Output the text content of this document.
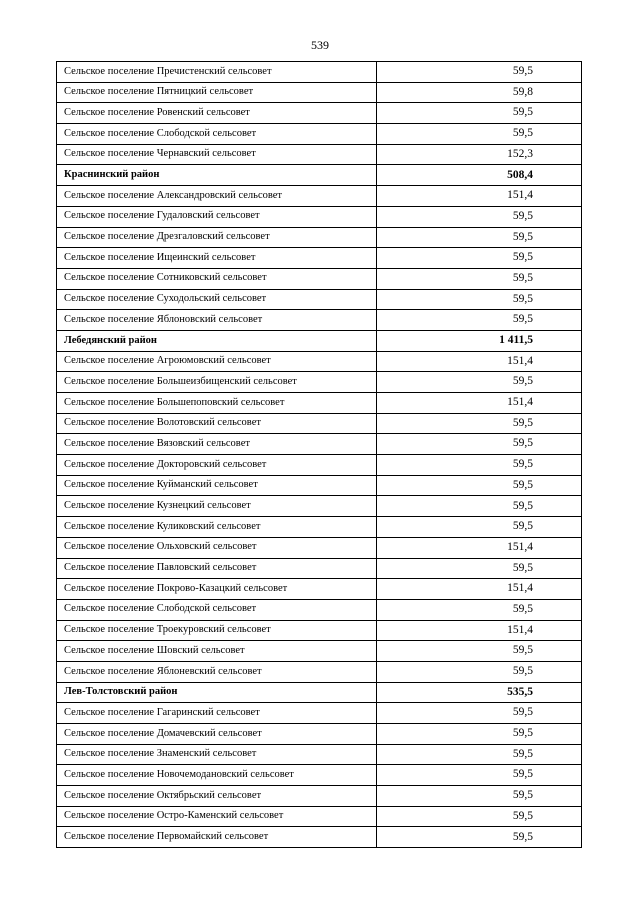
539
Сельское поселение Пречистенский сельсовет	59,5
Сельское поселение Пятницкий сельсовет	59,8
Сельское поселение Ровенский сельсовет	59,5
Сельское поселение Слободской сельсовет	59,5
Сельское поселение Чернавский сельсовет	152,3
Краснинский район	508,4
Сельское поселение Александровский сельсовет	151,4
Сельское поселение Гудаловский сельсовет	59,5
Сельское поселение Дрезгаловский сельсовет	59,5
Сельское поселение Ищеинский сельсовет	59,5
Сельское поселение Сотниковский сельсовет	59,5
Сельское поселение Суходольский сельсовет	59,5
Сельское поселение Яблоновский сельсовет	59,5
Лебедянский район	1 411,5
Сельское поселение Агроюмовский сельсовет	151,4
Сельское поселение Большеизбищенский сельсовет	59,5
Сельское поселение Большепоповский сельсовет	151,4
Сельское поселение Волотовский сельсовет	59,5
Сельское поселение Вязовский сельсовет	59,5
Сельское поселение Докторовский сельсовет	59,5
Сельское поселение Куйманский сельсовет	59,5
Сельское поселение Кузнецкий сельсовет	59,5
Сельское поселение Куликовский сельсовет	59,5
Сельское поселение Ольховский сельсовет	151,4
Сельское поселение Павловский сельсовет	59,5
Сельское поселение Покрово-Казацкий сельсовет	151,4
Сельское поселение Слободской сельсовет	59,5
Сельское поселение Троекуровский сельсовет	151,4
Сельское поселение Шовский сельсовет	59,5
Сельское поселение Яблоневский сельсовет	59,5
Лев-Толстовский район	535,5
Сельское поселение Гагаринский сельсовет	59,5
Сельское поселение Домачевский сельсовет	59,5
Сельское поселение Знаменский сельсовет	59,5
Сельское поселение Новочемодановский сельсовет	59,5
Сельское поселение Октябрьский сельсовет	59,5
Сельское поселение Остро-Каменский сельсовет	59,5
Сельское поселение Первомайский сельсовет	59,5
